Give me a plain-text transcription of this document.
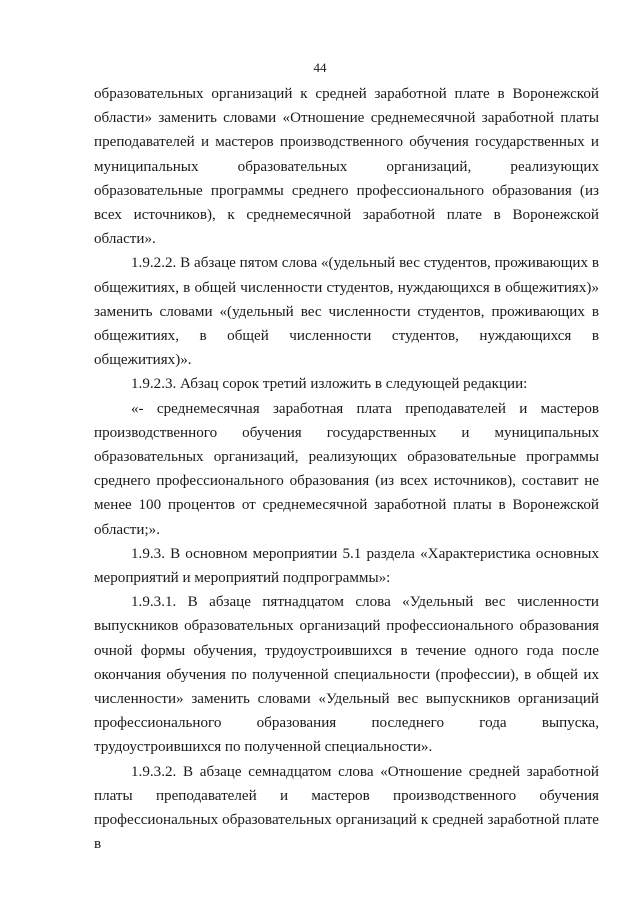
44

образовательных организаций к средней заработной плате в Воронежской области» заменить словами «Отношение среднемесячной заработной платы преподавателей и мастеров производственного обучения государственных и муниципальных образовательных организаций, реализующих образовательные программы среднего профессионального образования (из всех источников), к среднемесячной заработной плате в Воронежской области».

1.9.2.2. В абзаце пятом слова «(удельный вес студентов, проживающих в общежитиях, в общей численности студентов, нуждающихся в общежитиях)» заменить словами «(удельный вес численности студентов, проживающих в общежитиях, в общей численности студентов, нуждающихся в общежитиях)».

1.9.2.3. Абзац сорок третий изложить в следующей редакции:

«- среднемесячная заработная плата преподавателей и мастеров производственного обучения государственных и муниципальных образовательных организаций, реализующих образовательные программы среднего профессионального образования (из всех источников), составит не менее 100 процентов от среднемесячной заработной платы в Воронежской области;».

1.9.3. В основном мероприятии 5.1 раздела «Характеристика основных мероприятий и мероприятий подпрограммы»:

1.9.3.1. В абзаце пятнадцатом слова «Удельный вес численности выпускников образовательных организаций профессионального образования очной формы обучения, трудоустроившихся в течение одного года после окончания обучения по полученной специальности (профессии), в общей их численности» заменить словами «Удельный вес выпускников организаций профессионального образования последнего года выпуска, трудоустроившихся по полученной специальности».

1.9.3.2. В абзаце семнадцатом слова «Отношение средней заработной платы преподавателей и мастеров производственного обучения профессиональных образовательных организаций к средней заработной плате в
